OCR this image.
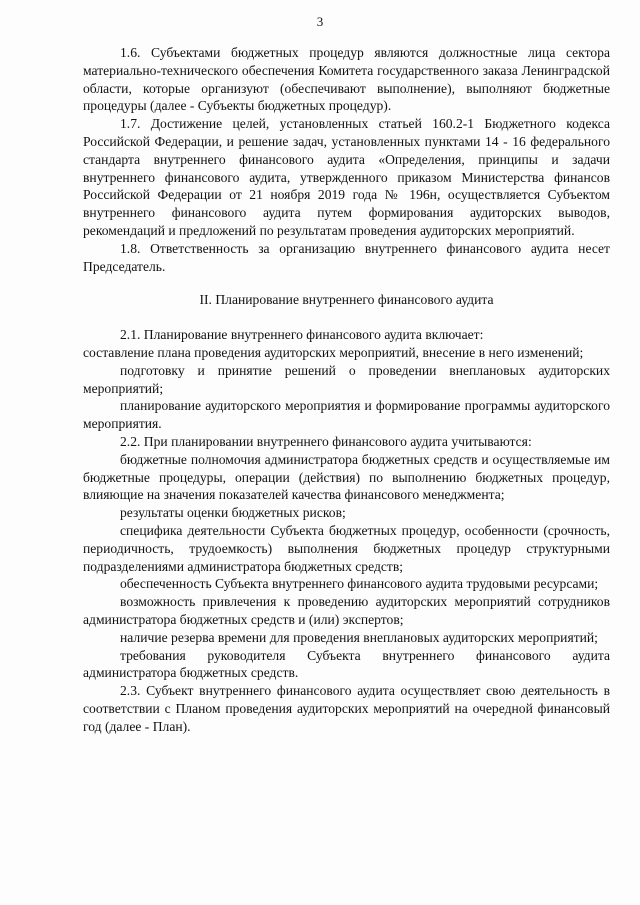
3

1.6. Субъектами бюджетных процедур являются должностные лица сектора материально-технического обеспечения Комитета государственного заказа Ленинградской области, которые организуют (обеспечивают выполнение), выполняют бюджетные процедуры (далее - Субъекты бюджетных процедур).

1.7. Достижение целей, установленных статьей 160.2-1 Бюджетного кодекса Российской Федерации, и решение задач, установленных пунктами 14 - 16 федерального стандарта внутреннего финансового аудита «Определения, принципы и задачи внутреннего финансового аудита, утвержденного приказом Министерства финансов Российской Федерации от 21 ноября 2019 года № 196н, осуществляется Субъектом внутреннего финансового аудита путем формирования аудиторских выводов, рекомендаций и предложений по результатам проведения аудиторских мероприятий.

1.8. Ответственность за организацию внутреннего финансового аудита несет Председатель.

II. Планирование внутреннего финансового аудита

2.1. Планирование внутреннего финансового аудита включает:

составление плана проведения аудиторских мероприятий, внесение в него изменений;

подготовку и принятие решений о проведении внеплановых аудиторских мероприятий;

планирование аудиторского мероприятия и формирование программы аудиторского мероприятия.

2.2. При планировании внутреннего финансового аудита учитываются:

бюджетные полномочия администратора бюджетных средств и осуществляемые им бюджетные процедуры, операции (действия) по выполнению бюджетных процедур, влияющие на значения показателей качества финансового менеджмента;

результаты оценки бюджетных рисков;

специфика деятельности Субъекта бюджетных процедур, особенности (срочность, периодичность, трудоемкость) выполнения бюджетных процедур структурными подразделениями администратора бюджетных средств;

обеспеченность Субъекта внутреннего финансового аудита трудовыми ресурсами;

возможность привлечения к проведению аудиторских мероприятий сотрудников администратора бюджетных средств и (или) экспертов;

наличие резерва времени для проведения внеплановых аудиторских мероприятий;

требования руководителя Субъекта внутреннего финансового аудита администратора бюджетных средств.

2.3. Субъект внутреннего финансового аудита осуществляет свою деятельность в соответствии с Планом проведения аудиторских мероприятий на очередной финансовый год (далее - План).
